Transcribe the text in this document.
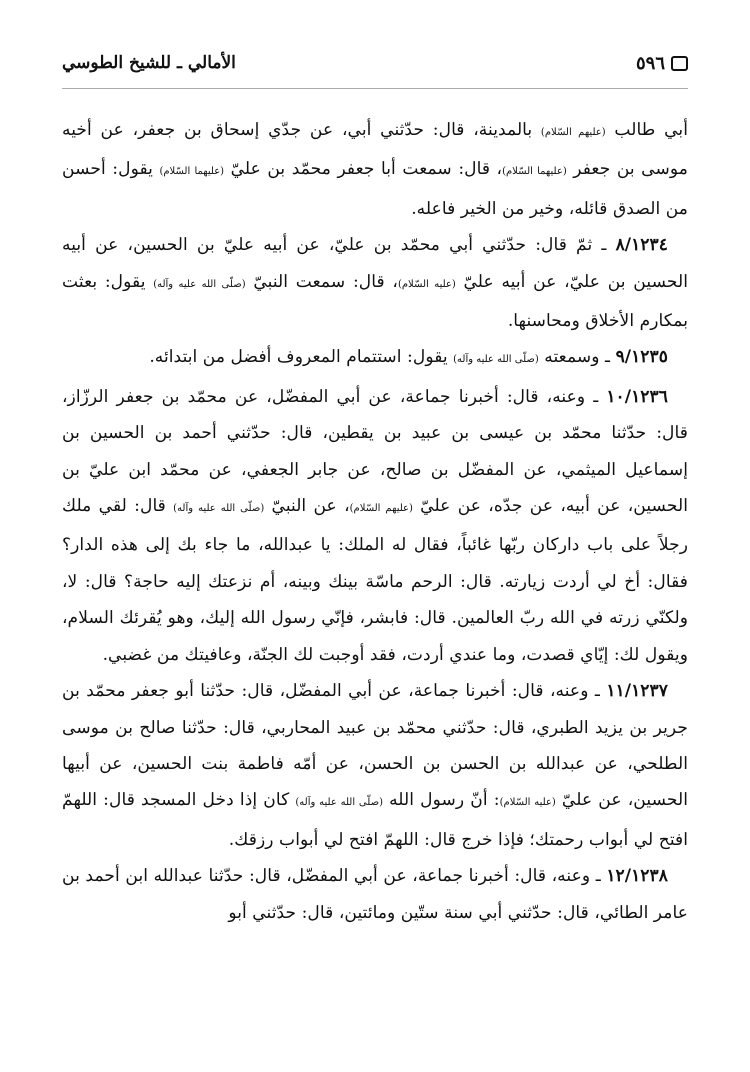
٥٩٦
الأمالي ـ للشيخ الطوسي

أبي طالب (عليهم السّلام) بالمدينة، قال: حدّثني أبي، عن جدّي إسحاق بن جعفر، عن أخيه موسى بن جعفر (عليهما السّلام)، قال: سمعت أبا جعفر محمّد بن عليّ (عليهما السّلام) يقول: أحسن من الصدق قائله، وخير من الخير فاعله.

٨/١٢٣٤ ـ ثمّ قال: حدّثني أبي محمّد بن عليّ، عن أبيه عليّ بن الحسين، عن أبيه الحسين بن عليّ، عن أبيه عليّ (عليه السّلام)، قال: سمعت النبيّ (صلّى الله عليه وآله) يقول: بعثت بمكارم الأخلاق ومحاسنها.

٩/١٢٣٥ ـ وسمعته (صلّى الله عليه وآله) يقول: استتمام المعروف أفضل من ابتدائه.

١٠/١٢٣٦ ـ وعنه، قال: أخبرنا جماعة، عن أبي المفضّل، عن محمّد بن جعفر الرزّاز، قال: حدّثنا محمّد بن عيسى بن عبيد بن يقطين، قال: حدّثني أحمد بن الحسين بن إسماعيل الميثمي، عن المفضّل بن صالح، عن جابر الجعفي، عن محمّد ابن عليّ بن الحسين، عن أبيه، عن جدّه، عن عليّ (عليهم السّلام)، عن النبيّ (صلّى الله عليه وآله) قال: لقي ملك رجلاً على باب داركان ربّها غائباً، فقال له الملك: يا عبدالله، ما جاء بك إلى هذه الدار؟ فقال: أخ لي أردت زيارته. قال: الرحم ماسّة بينك وبينه، أم نزعتك إليه حاجة؟ قال: لا، ولكنّي زرته في الله ربّ العالمين. قال: فابشر، فإنّي رسول الله إليك، وهو يُقرئك السلام، ويقول لك: إيّاي قصدت، وما عندي أردت، فقد أوجبت لك الجنّة، وعافيتك من غضبي.

١١/١٢٣٧ ـ وعنه، قال: أخبرنا جماعة، عن أبي المفضّل، قال: حدّثنا أبو جعفر محمّد بن جرير بن يزيد الطبري، قال: حدّثني محمّد بن عبيد المحاربي، قال: حدّثنا صالح بن موسى الطلحي، عن عبدالله بن الحسن بن الحسن، عن أمّه فاطمة بنت الحسين، عن أبيها الحسين، عن عليّ (عليه السّلام): أنّ رسول الله (صلّى الله عليه وآله) كان إذا دخل المسجد قال: اللهمّ افتح لي أبواب رحمتك؛ فإذا خرج قال: اللهمّ افتح لي أبواب رزقك.

١٢/١٢٣٨ ـ وعنه، قال: أخبرنا جماعة، عن أبي المفضّل، قال: حدّثنا عبدالله ابن أحمد بن عامر الطائي، قال: حدّثني أبي سنة ستّين ومائتين، قال: حدّثني أبو
